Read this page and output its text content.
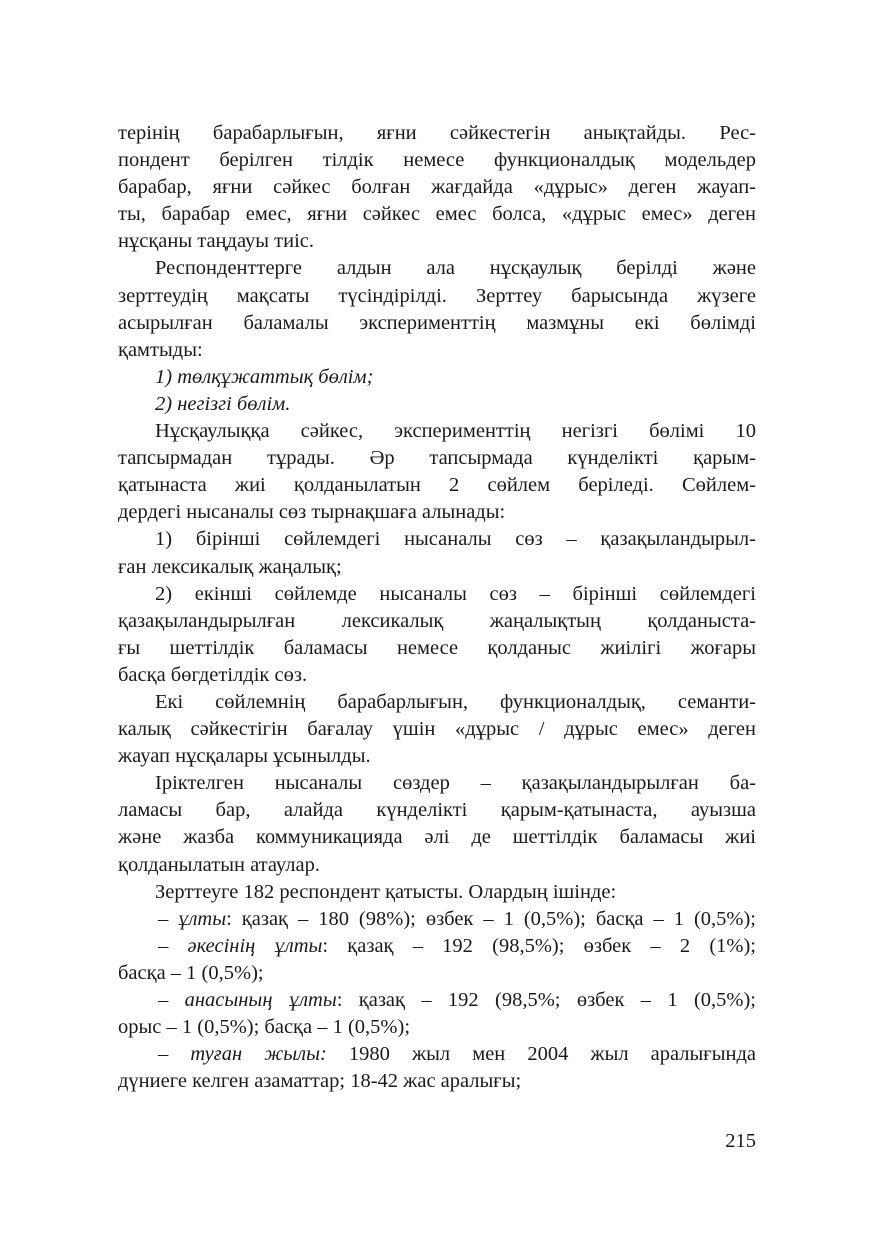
терінің барабарлығын, яғни сәйкестегін анықтайды. Рес-
пондент берілген тілдік немесе функционалдық модельдер
барабар, яғни сәйкес болған жағдайда «дұрыс» деген жауап-
ты, барабар емес, яғни сәйкес емес болса, «дұрыс емес» деген
нұсқаны таңдауы тиіс.
Респонденттерге алдын ала нұсқаулық берілді және
зерттеудің мақсаты түсіндірілді. Зерттеу барысында жүзеге
асырылған баламалы эксперименттің мазмұны екі бөлімді
қамтыды:
1) төлқұжаттық бөлім;
2) негізгі бөлім.
Нұсқаулыққа сәйкес, эксперименттің негізгі бөлімі 10
тапсырмадан тұрады. Әр тапсырмада күнделікті қарым-
қатынаста жиі қолданылатын 2 сөйлем беріледі. Сөйлем-
дердегі нысаналы сөз тырнақшаға алынады:
1) бірінші сөйлемдегі нысаналы сөз – қазақыландырыл-
ған лексикалық жаңалық;
2) екінші сөйлемде нысаналы сөз – бірінші сөйлемдегі
қазақыландырылған лексикалық жаңалықтың қолданыста-
ғы шеттілдік баламасы немесе қолданыс жиілігі жоғары
басқа бөгдетілдік сөз.
Екі сөйлемнің барабарлығын, функционалдық, семанти-
калық сәйкестігін бағалау үшін «дұрыс / дұрыс емес» деген
жауап нұсқалары ұсынылды.
Іріктелген нысаналы сөздер – қазақыландырылған ба-
ламасы бар, алайда күнделікті қарым-қатынаста, ауызша
және жазба коммуникацияда әлі де шеттілдік баламасы жиі
қолданылатын атаулар.
Зерттеуге 182 респондент қатысты. Олардың ішінде:
– ұлты: қазақ – 180 (98%); өзбек – 1 (0,5%); басқа – 1 (0,5%);
– әкесінің ұлты: қазақ – 192 (98,5%); өзбек – 2 (1%);
басқа – 1 (0,5%);
– анасының ұлты: қазақ – 192 (98,5%; өзбек – 1 (0,5%);
орыс – 1 (0,5%); басқа – 1 (0,5%);
– туған жылы: 1980 жыл мен 2004 жыл аралығында
дүниеге келген азаматтар; 18-42 жас аралығы;
215
